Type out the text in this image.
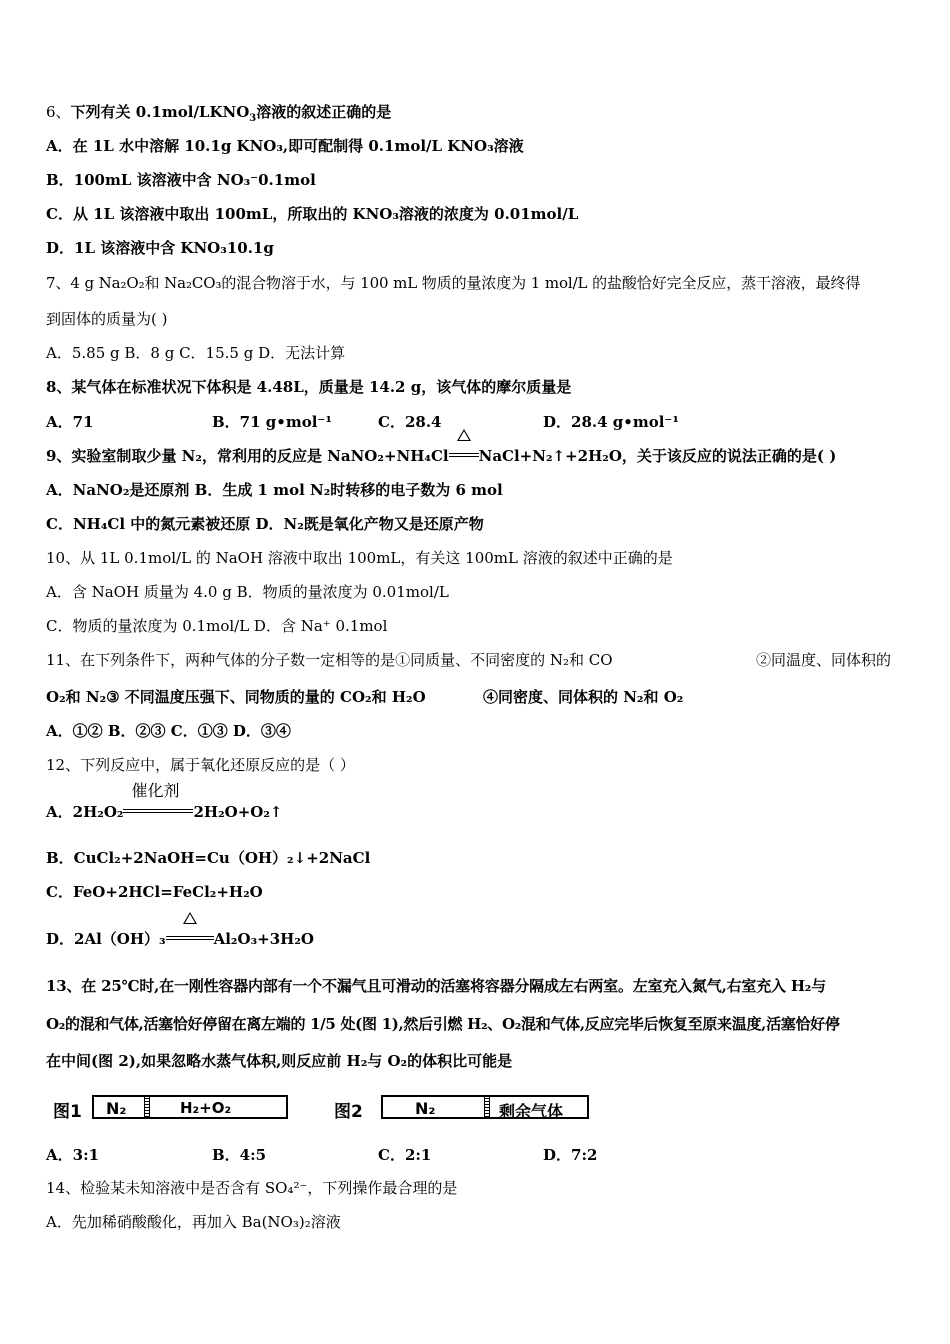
6、下列有关 $0.1mol/LKNO_3$溶液的叙述正确的是
A．在 1L 水中溶解 10.1g KNO₃,即可配制得 0.1mol/L KNO₃溶液
B．100mL 该溶液中含 NO₃⁻0.1mol
C．从 1L 该溶液中取出 100mL，所取出的 KNO₃溶液的浓度为 0.01mol/L
D．1L 该溶液中含 KNO₃10.1g
7、4 g Na₂O₂和 Na₂CO₃的混合物溶于水，与 100 mL 物质的量浓度为 1 mol/L 的盐酸恰好完全反应，蒸干溶液，最终得
到固体的质量为( )
A．5.85 g B．8 g C．15.5 g D．无法计算
8、某气体在标准状况下体积是 4.48L，质量是 14.2 g，该气体的摩尔质量是
A．71	B．71 g•mol⁻¹	C．28.4	D．28.4 g•mol⁻¹
9、实验室制取少量 N₂，常利用的反应是 NaNO₂+NH₄Cl NaCl+N₂↑+2H₂O，关于该反应的说法正确的是( )
A．NaNO₂是还原剂 B．生成 1 mol N₂时转移的电子数为 6 mol
C．NH₄Cl 中的氮元素被还原 D．N₂既是氧化产物又是还原产物
10、从 1L 0.1mol/L 的 NaOH 溶液中取出 100mL，有关这 100mL 溶液的叙述中正确的是
A．含 NaOH 质量为 4.0 g B．物质的量浓度为 0.01mol/L
C．物质的量浓度为 0.1mol/L D．含 Na⁺ 0.1mol
11、在下列条件下，两种气体的分子数一定相等的是①同质量、不同密度的 N₂和 CO	②同温度、同体积的
O₂和 N₂③ 不同温度压强下、同物质的量的 CO₂和 H₂O	④同密度、同体积的 N₂和 O₂
A．①② B．②③ C．①③ D．③④
12、下列反应中，属于氧化还原反应的是（ ）
A．2H₂O₂
催化剂
2H₂O+O₂↑
B．CuCl₂+2NaOH=Cu（OH）₂↓+2NaCl
C．FeO+2HCl=FeCl₂+H₂O
D．2Al（OH）₃	Al₂O₃+3H₂O
13、在 25℃时,在一刚性容器内部有一个不漏气且可滑动的活塞将容器分隔成左右两室。左室充入氮气,右室充入 H₂与
O₂的混和气体,活塞恰好停留在离左端的 1/5 处(图 1),然后引燃 H₂、O₂混和气体,反应完毕后恢复至原来温度,活塞恰好停
在中间(图 2),如果忽略水蒸气体积,则反应前 H₂与 O₂的体积比可能是
图1 N₂	H₂+O₂	图2	N₂	剩余气体
A．3:1	B．4:5	C．2:1	D．7:2
14、检验某未知溶液中是否含有 SO₄²⁻，下列操作最合理的是
A．先加稀硝酸酸化，再加入 Ba(NO₃)₂溶液
